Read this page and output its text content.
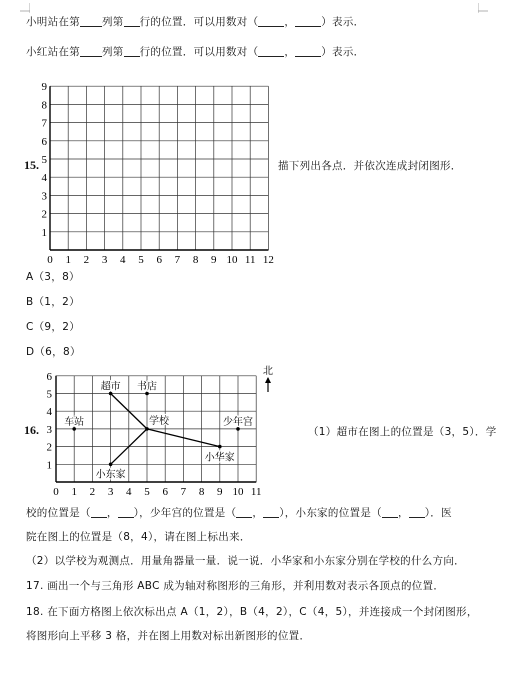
小明站在第 列第 行的位置．可以用数对（ ， ）表示．
小红站在第 列第 行的位置．可以用数对（ ， ）表示．
15.
0 1 2 3 4 5 6 7 8 9 10 11 12
1
2
3
4
5
6
7
8
9
描下列出各点．并依次连成封闭图形．
A（3，8）
B（1，2）
C（9，2）
D（6，8）
16.
0 1 2 3 4 5 6 7 8 9 10 11
1
2
3
4
5
6
超市 书店
车站	学校	少年宫
小华家
小东家
北
（1）超市在图上的位置是（3，5）．学
校的位置是（ ， ），少年宫的位置是（ ， ），小东家的位置是（ ， ）．医
院在图上的位置是（8，4），请在图上标出来．
（2）以学校为观测点．用量角器量一量．说一说．小华家和小东家分别在学校的什么方向．
17. 画出一个与三角形 ABC 成为轴对称图形的三角形，并利用数对表示各顶点的位置．
18. 在下面方格图上依次标出点 A（1，2），B（4，2），C（4，5），并连接成一个封闭图形，
将图形向上平移 3 格，并在图上用数对标出新图形的位置．
